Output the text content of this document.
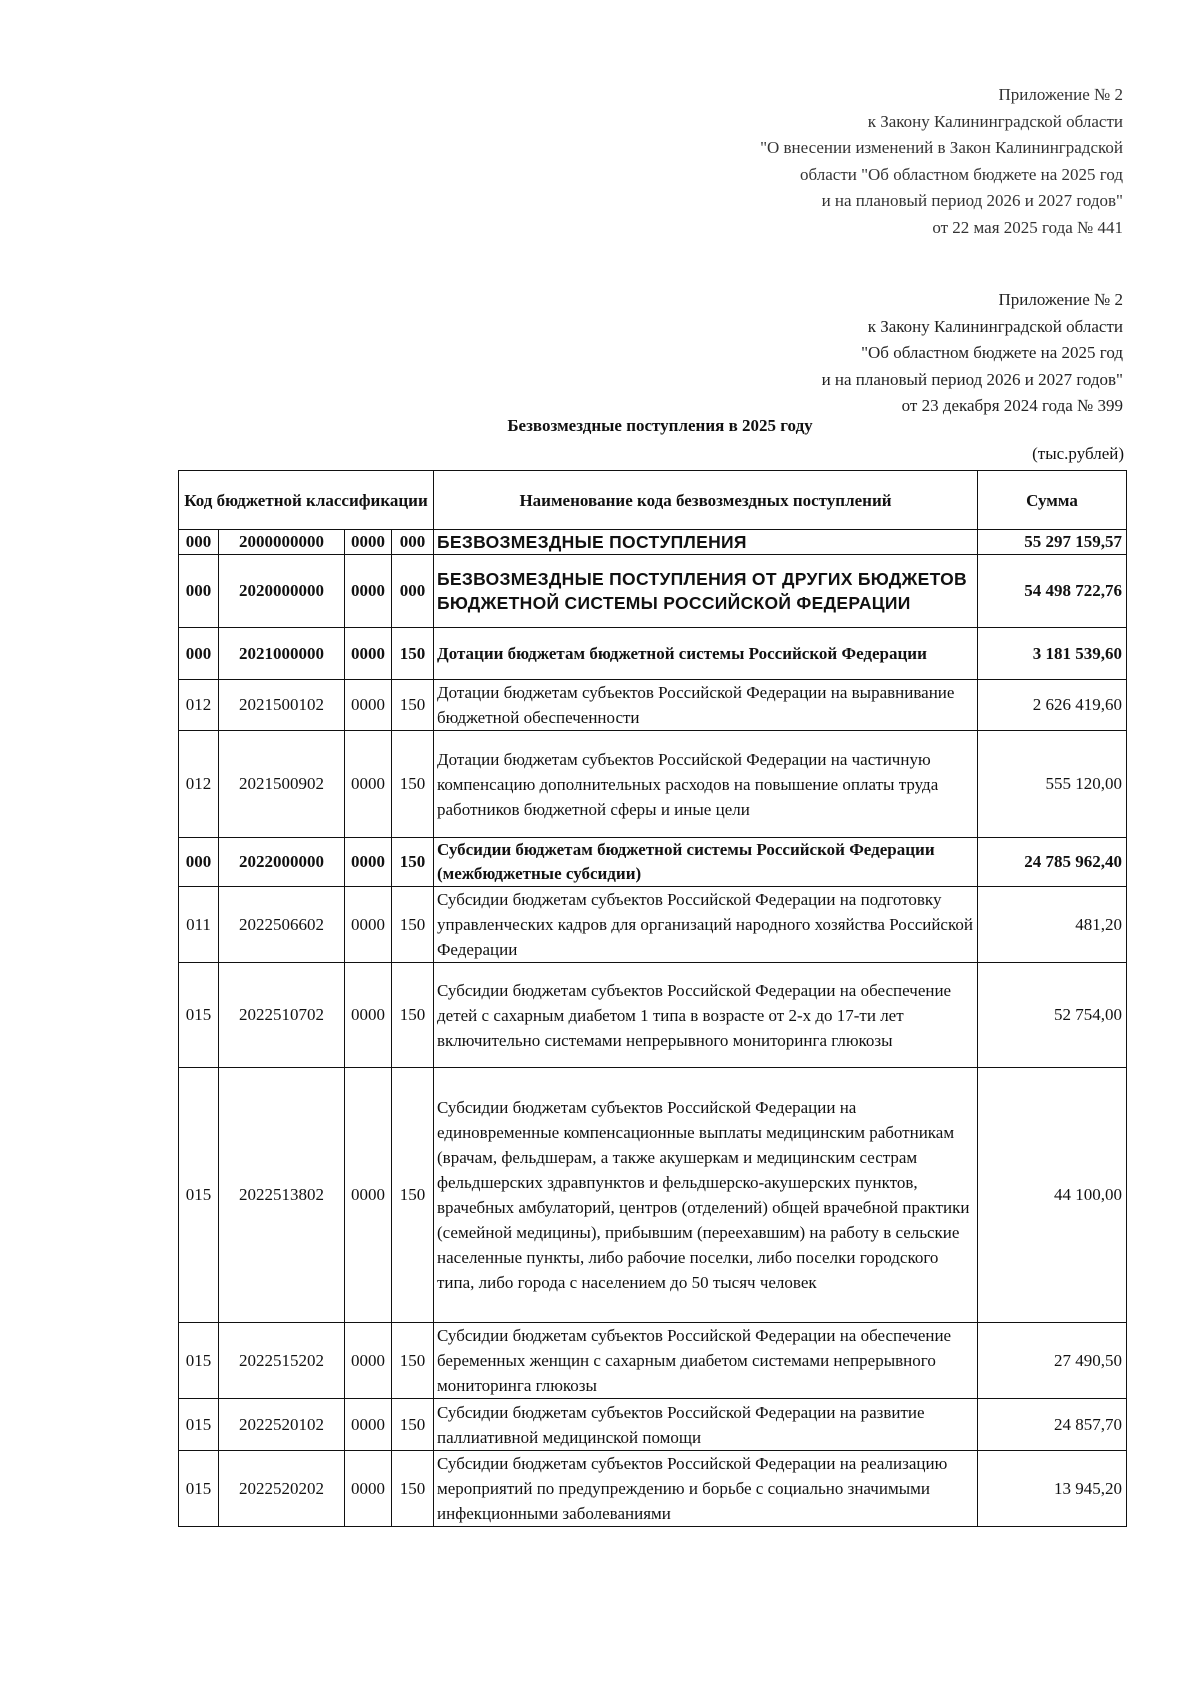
Приложение № 2
к Закону Калининградской области
"О внесении изменений в Закон Калининградской
области "Об областном бюджете на 2025 год
и на плановый период 2026 и 2027 годов"
от 22 мая 2025 года № 441
Приложение № 2
к Закону Калининградской области
"Об областном бюджете на 2025 год
и на плановый период 2026 и 2027 годов"
от 23 декабря 2024 года № 399
Безвозмездные поступления в 2025 году
(тыс.рублей)
Код бюджетной классификации				Наименование кода безвозмездных поступлений	Сумма
000	2000000000	0000	000	БЕЗВОЗМЕЗДНЫЕ ПОСТУПЛЕНИЯ	55 297 159,57
000	2020000000	0000	000	БЕЗВОЗМЕЗДНЫЕ ПОСТУПЛЕНИЯ ОТ ДРУГИХ БЮДЖЕТОВ БЮДЖЕТНОЙ СИСТЕМЫ РОССИЙСКОЙ ФЕДЕРАЦИИ	54 498 722,76
000	2021000000	0000	150	Дотации бюджетам бюджетной системы Российской Федерации	3 181 539,60
012	2021500102	0000	150	Дотации бюджетам субъектов Российской Федерации на выравнивание бюджетной обеспеченности	2 626 419,60
012	2021500902	0000	150	Дотации бюджетам субъектов Российской Федерации на частичную компенсацию дополнительных расходов на повышение оплаты труда работников бюджетной сферы и иные цели	555 120,00
000	2022000000	0000	150	Субсидии бюджетам бюджетной системы Российской Федерации (межбюджетные субсидии)	24 785 962,40
011	2022506602	0000	150	Субсидии бюджетам субъектов Российской Федерации на подготовку управленческих кадров для организаций народного хозяйства Российской Федерации	481,20
015	2022510702	0000	150	Субсидии бюджетам субъектов Российской Федерации на обеспечение детей с сахарным диабетом 1 типа в возрасте от 2-х до 17-ти лет включительно системами непрерывного мониторинга глюкозы	52 754,00
015	2022513802	0000	150	Субсидии бюджетам субъектов Российской Федерации на единовременные компенсационные выплаты медицинским работникам (врачам, фельдшерам, а также акушеркам и медицинским сестрам фельдшерских здравпунктов и фельдшерско-акушерских пунктов, врачебных амбулаторий, центров (отделений) общей врачебной практики (семейной медицины), прибывшим (переехавшим) на работу в сельские населенные пункты, либо рабочие поселки, либо поселки городского типа, либо города с населением до 50 тысяч человек	44 100,00
015	2022515202	0000	150	Субсидии бюджетам субъектов Российской Федерации на обеспечение беременных женщин с сахарным диабетом системами непрерывного мониторинга глюкозы	27 490,50
015	2022520102	0000	150	Субсидии бюджетам субъектов Российской Федерации на развитие паллиативной медицинской помощи	24 857,70
015	2022520202	0000	150	Субсидии бюджетам субъектов Российской Федерации на реализацию мероприятий по предупреждению и борьбе с социально значимыми инфекционными заболеваниями	13 945,20
